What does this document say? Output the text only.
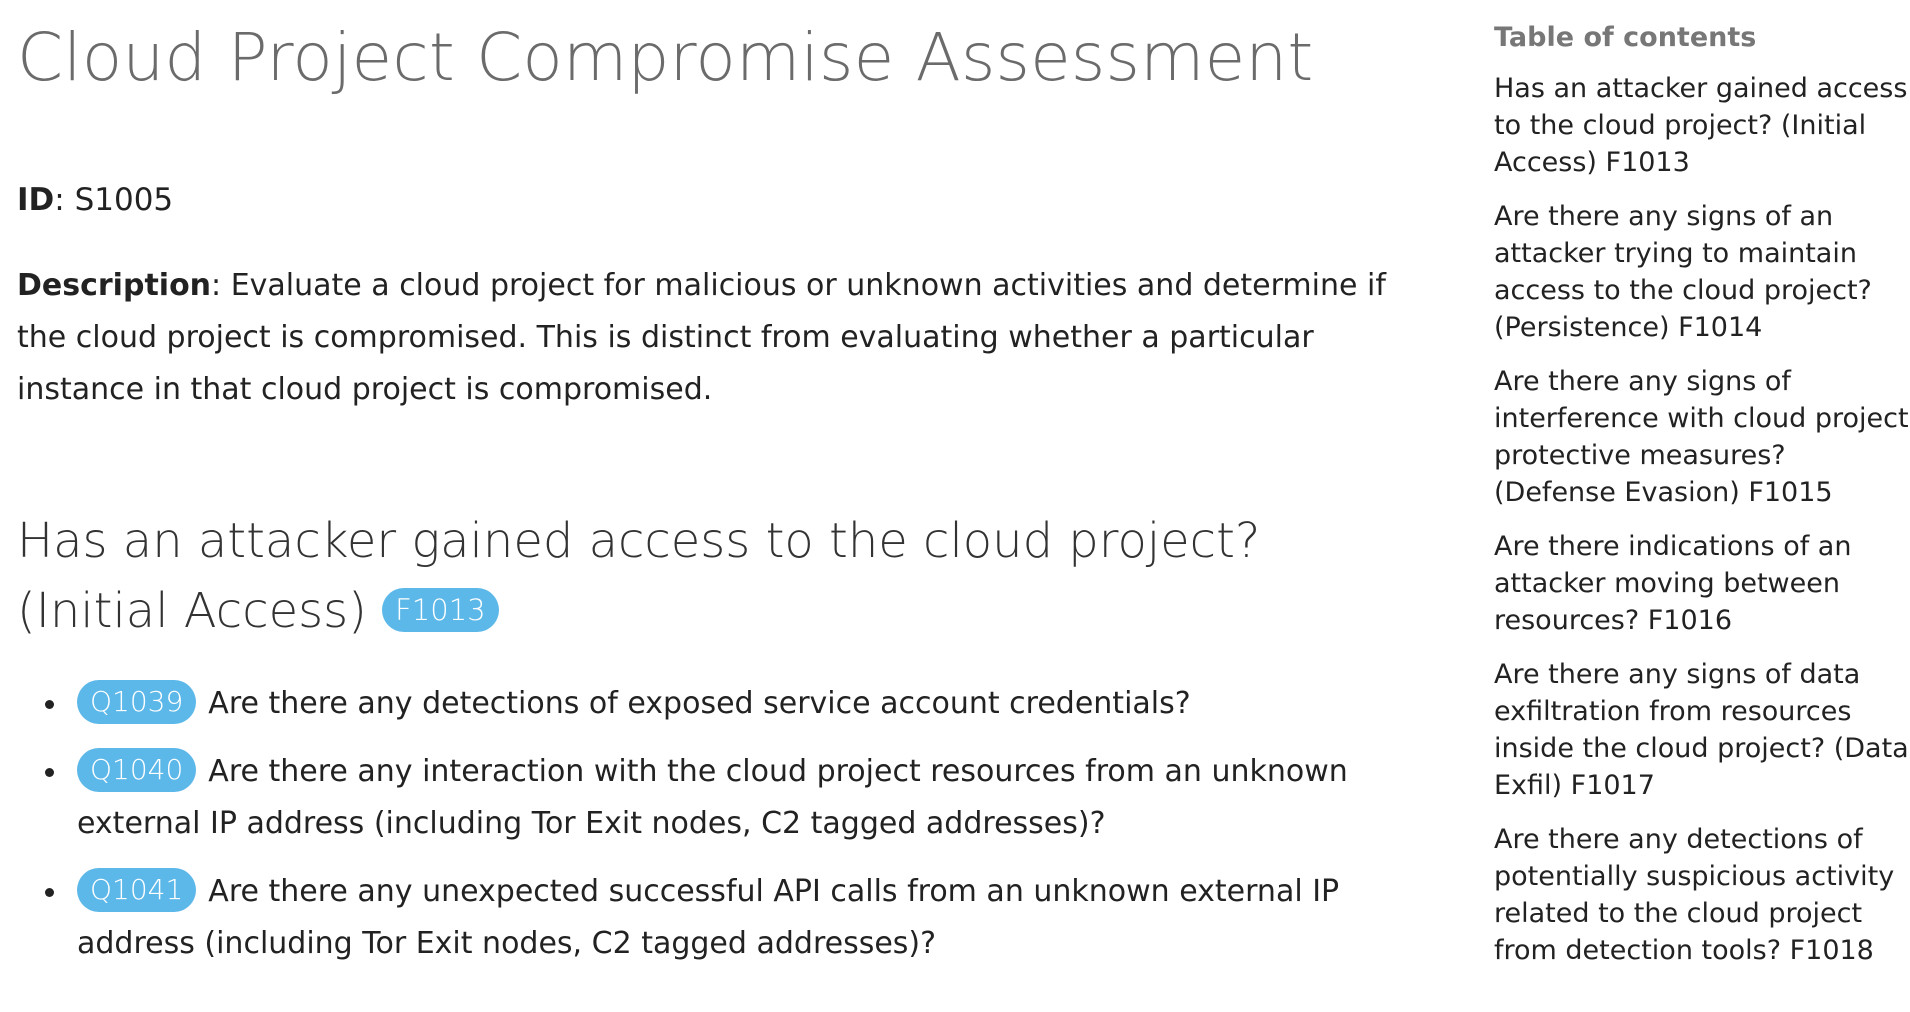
Cloud Project Compromise Assessment

ID: S1005

Description: Evaluate a cloud project for malicious or unknown activities and determine if the cloud project is compromised. This is distinct from evaluating whether a particular instance in that cloud project is compromised.

Has an attacker gained access to the cloud project? (Initial Access) F1013
Q1039 Are there any detections of exposed service account credentials?
Q1040 Are there any interaction with the cloud project resources from an unknown external IP address (including Tor Exit nodes, C2 tagged addresses)?
Q1041 Are there any unexpected successful API calls from an unknown external IP address (including Tor Exit nodes, C2 tagged addresses)?
Table of contents
Has an attacker gained access to the cloud project? (Initial Access) F1013
Are there any signs of an attacker trying to maintain access to the cloud project? (Persistence) F1014
Are there any signs of interference with cloud project protective measures? (Defense Evasion) F1015
Are there indications of an attacker moving between resources? F1016
Are there any signs of data exfiltration from resources inside the cloud project? (Data Exfil) F1017
Are there any detections of potentially suspicious activity related to the cloud project from detection tools? F1018
